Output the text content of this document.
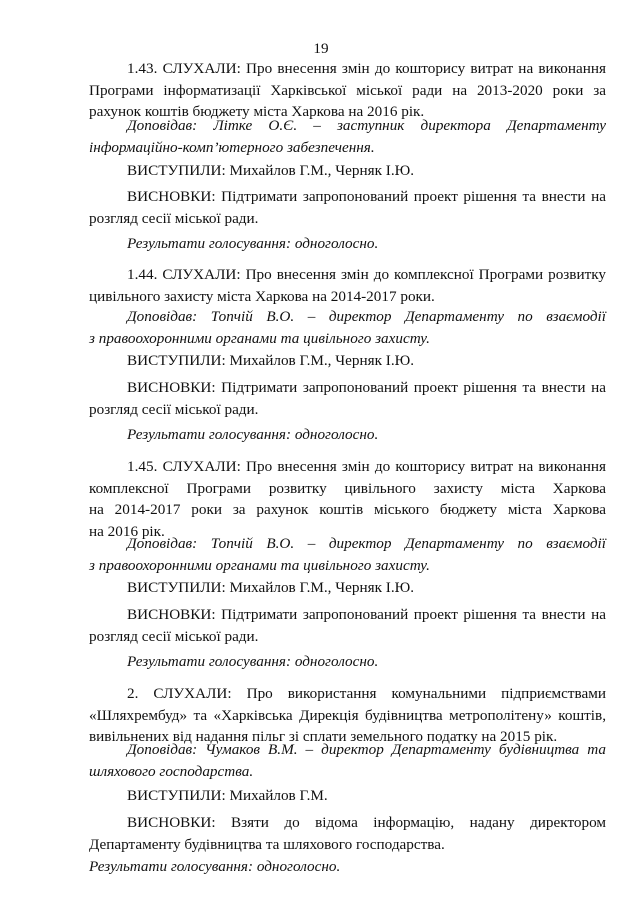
19
1.43. СЛУХАЛИ: Про внесення змін до кошторису витрат на виконання
Програми інформатизації Харківської міської ради на 2013-2020 роки за
рахунок коштів бюджету міста Харкова на 2016 рік.
Доповідав: Літке О.Є. – заступник директора Департаменту
інформаційно-комп’ютерного забезпечення.
ВИСТУПИЛИ: Михайлов Г.М., Черняк І.Ю.
ВИСНОВКИ: Підтримати запропонований проект рішення та внести на
розгляд сесії міської ради.
Результати голосування: одноголосно.
1.44. СЛУХАЛИ: Про внесення змін до комплексної Програми розвитку
цивільного захисту міста Харкова на 2014-2017 роки.
Доповідав: Топчій В.О. – директор Департаменту по взаємодії
з правоохоронними органами та цивільного захисту.
ВИСТУПИЛИ: Михайлов Г.М., Черняк І.Ю.
ВИСНОВКИ: Підтримати запропонований проект рішення та внести на
розгляд сесії міської ради.
Результати голосування: одноголосно.
1.45. СЛУХАЛИ: Про внесення змін до кошторису витрат на виконання
комплексної Програми розвитку цивільного захисту міста Харкова
на 2014-2017 роки за рахунок коштів міського бюджету міста Харкова
на 2016 рік.
Доповідав: Топчій В.О. – директор Департаменту по взаємодії
з правоохоронними органами та цивільного захисту.
ВИСТУПИЛИ: Михайлов Г.М., Черняк І.Ю.
ВИСНОВКИ: Підтримати запропонований проект рішення та внести на
розгляд сесії міської ради.
Результати голосування: одноголосно.
2. СЛУХАЛИ: Про використання комунальними підприємствами
«Шляхрембуд» та «Харківська Дирекція будівництва метрополітену» коштів,
вивільнених від надання пільг зі сплати земельного податку на 2015 рік.
Доповідав: Чумаков В.М. – директор Департаменту будівництва та
шляхового господарства.
ВИСТУПИЛИ: Михайлов Г.М.
ВИСНОВКИ: Взяти до відома інформацію, надану директором
Департаменту будівництва та шляхового господарства.
Результати голосування: одноголосно.
